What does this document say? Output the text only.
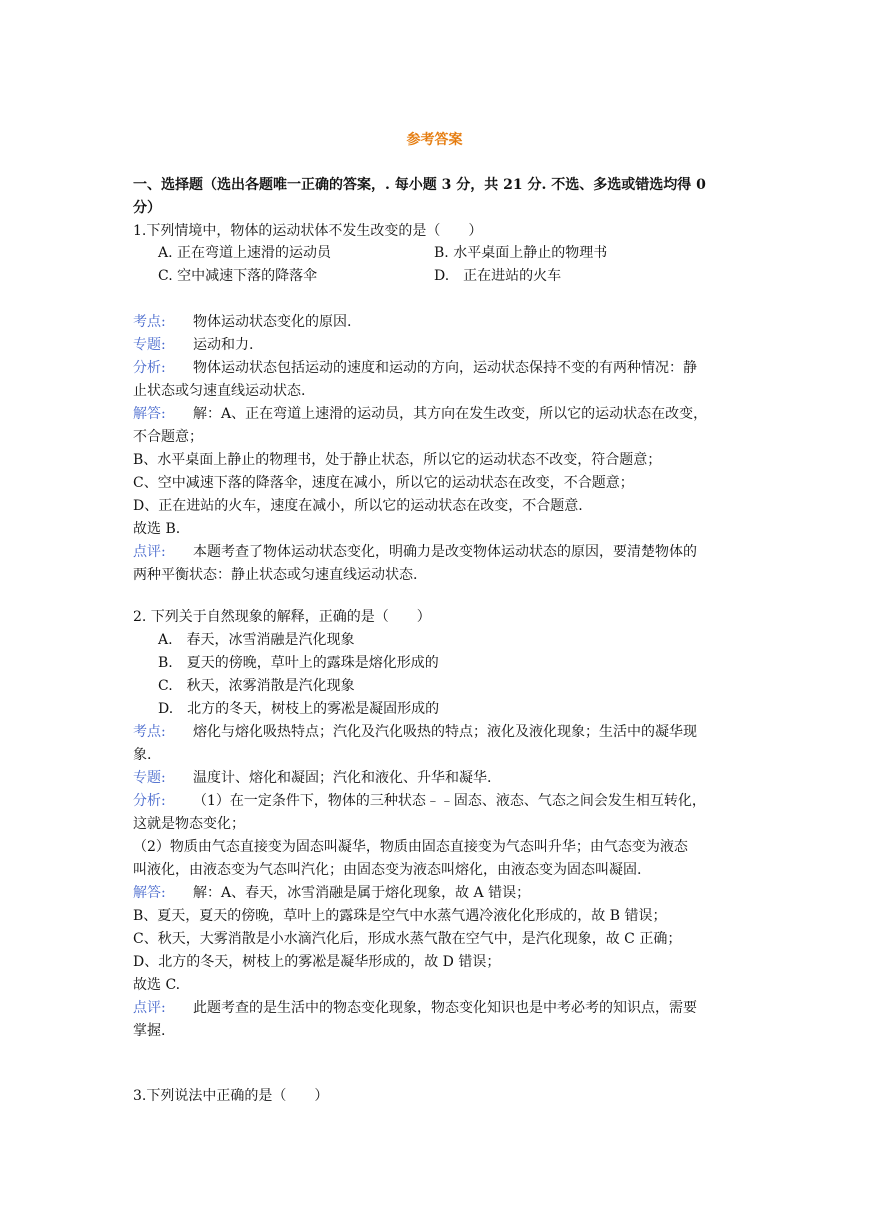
参考答案
一、选择题（选出各题唯一正确的答案，. 每小题 3 分，共 21 分. 不选、多选或错选均得 0
分）
1.下列情境中，物体的运动状体不发生改变的是（　　）
A. 正在弯道上速滑的运动员	B. 水平桌面上静止的物理书
C. 空中减速下落的降落伞	D.　正在进站的火车
考点: 物体运动状态变化的原因.
专题: 运动和力.
分析: 物体运动状态包括运动的速度和运动的方向，运动状态保持不变的有两种情况：静
止状态或匀速直线运动状态.
解答: 解：A、正在弯道上速滑的运动员，其方向在发生改变，所以它的运动状态在改变，
不合题意；
B、水平桌面上静止的物理书，处于静止状态，所以它的运动状态不改变，符合题意；
C、空中减速下落的降落伞，速度在减小，所以它的运动状态在改变，不合题意；
D、正在进站的火车，速度在减小，所以它的运动状态在改变，不合题意.
故选 B.
点评: 本题考查了物体运动状态变化，明确力是改变物体运动状态的原因，要清楚物体的
两种平衡状态：静止状态或匀速直线运动状态.
2. 下列关于自然现象的解释，正确的是（　　）
A.　春天，冰雪消融是汽化现象
B.　夏天的傍晚，草叶上的露珠是熔化形成的
C.　秋天，浓雾消散是汽化现象
D.　北方的冬天，树枝上的雾凇是凝固形成的
考点: 熔化与熔化吸热特点；汽化及汽化吸热的特点；液化及液化现象；生活中的凝华现
象.
专题: 温度计、熔化和凝固；汽化和液化、升华和凝华.
分析: （1）在一定条件下，物体的三种状态﹣﹣固态、液态、气态之间会发生相互转化，
这就是物态变化；
（2）物质由气态直接变为固态叫凝华，物质由固态直接变为气态叫升华；由气态变为液态
叫液化，由液态变为气态叫汽化；由固态变为液态叫熔化，由液态变为固态叫凝固.
解答: 解：A、春天，冰雪消融是属于熔化现象，故 A 错误；
B、夏天，夏天的傍晚，草叶上的露珠是空气中水蒸气遇冷液化化形成的，故 B 错误；
C、秋天，大雾消散是小水滴汽化后，形成水蒸气散在空气中，是汽化现象，故 C 正确；
D、北方的冬天，树枝上的雾凇是凝华形成的，故 D 错误；
故选 C.
点评: 此题考查的是生活中的物态变化现象，物态变化知识也是中考必考的知识点，需要
掌握.
3.下列说法中正确的是（　　）
